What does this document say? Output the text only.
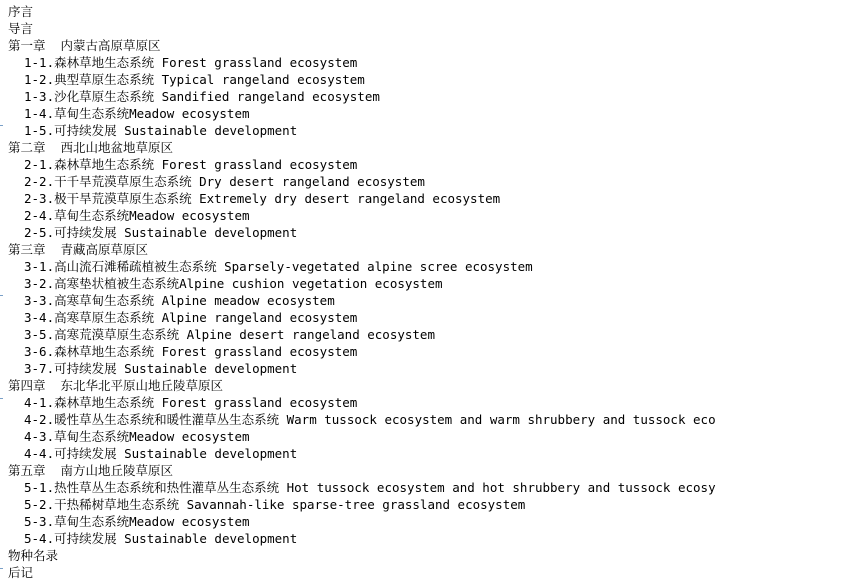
序言
导言
第一章  内蒙古高原草原区
1-1.森林草地生态系统 Forest grassland ecosystem
1-2.典型草原生态系统 Typical rangeland ecosystem
1-3.沙化草原生态系统 Sandified rangeland ecosystem
1-4.草甸生态系统Meadow ecosystem
1-5.可持续发展 Sustainable development
第二章  西北山地盆地草原区
2-1.森林草地生态系统 Forest grassland ecosystem
2-2.干千旱荒漠草原生态系统 Dry desert rangeland ecosystem
2-3.极干旱荒漠草原生态系统 Extremely dry desert rangeland ecosystem
2-4.草甸生态系统Meadow ecosystem
2-5.可持续发展 Sustainable development
第三章  青藏高原草原区
3-1.高山流石滩稀疏植被生态系统 Sparsely-vegetated alpine scree ecosystem
3-2.高寒垫状植被生态系统Alpine cushion vegetation ecosystem
3-3.高寒草甸生态系统 Alpine meadow ecosystem
3-4.高寒草原生态系统 Alpine rangeland ecosystem
3-5.高寒荒漠草原生态系统 Alpine desert rangeland ecosystem
3-6.森林草地生态系统 Forest grassland ecosystem
3-7.可持续发展 Sustainable development
第四章  东北华北平原山地丘陵草原区
4-1.森林草地生态系统 Forest grassland ecosystem
4-2.暖性草丛生态系统和暖性灌草丛生态系统 Warm tussock ecosystem and warm shrubbery and tussock eco
4-3.草甸生态系统Meadow ecosystem
4-4.可持续发展 Sustainable development
第五章  南方山地丘陵草原区
5-1.热性草丛生态系统和热性灌草丛生态系统 Hot tussock ecosystem and hot shrubbery and tussock ecosy
5-2.干热稀树草地生态系统 Savannah-like sparse-tree grassland ecosystem
5-3.草甸生态系统Meadow ecosystem
5-4.可持续发展 Sustainable development
物种名录
后记
